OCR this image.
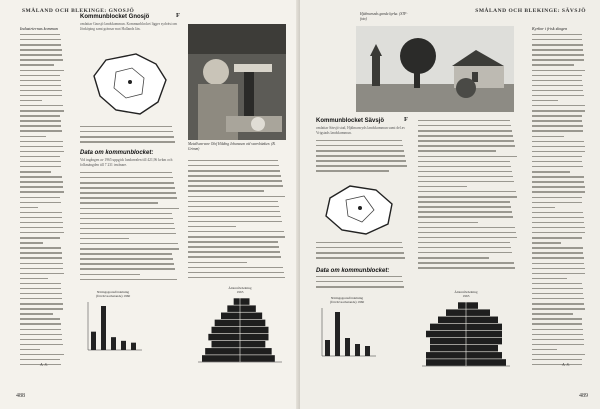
SMÅLAND OCH BLEKINGE: GNOSJÖ
Industriernas kommun
Kommunblocket Gnosjö	F
omfattar Gnosjö landskommun. Kommunblocket ligger sydväst om Jönköping samt gränsar mot Hallands län.
Metallsvarvare Olof Hilding Johansson vid svarvbänken. (B. Grimm)
Data om kommunblocket:
Vid ingången av 1965 uppgick landarealen till 421,96 kvkm och folkmängden till 7 231 invånare.
Näringsgrensfördelning
(förvärvsarbetande) 1960
Åldersfördelning
1965
A. S.
488
SMÅLAND OCH BLEKINGE: SÄVSJÖ
Hjälmarsnås gamla kyrka. (STF-foto)
Kommunblocket Sävsjö	F
omfattar Sävsjö stad, Hjälmarsryds landskommun samt del av Vrigstads landskommun.
Data om kommunblocket:
Kyrkor i frisk skogen
Näringsgrensfördelning
(förvärvsarbetande) 1960
Åldersfördelning
1965
A. S.
489
